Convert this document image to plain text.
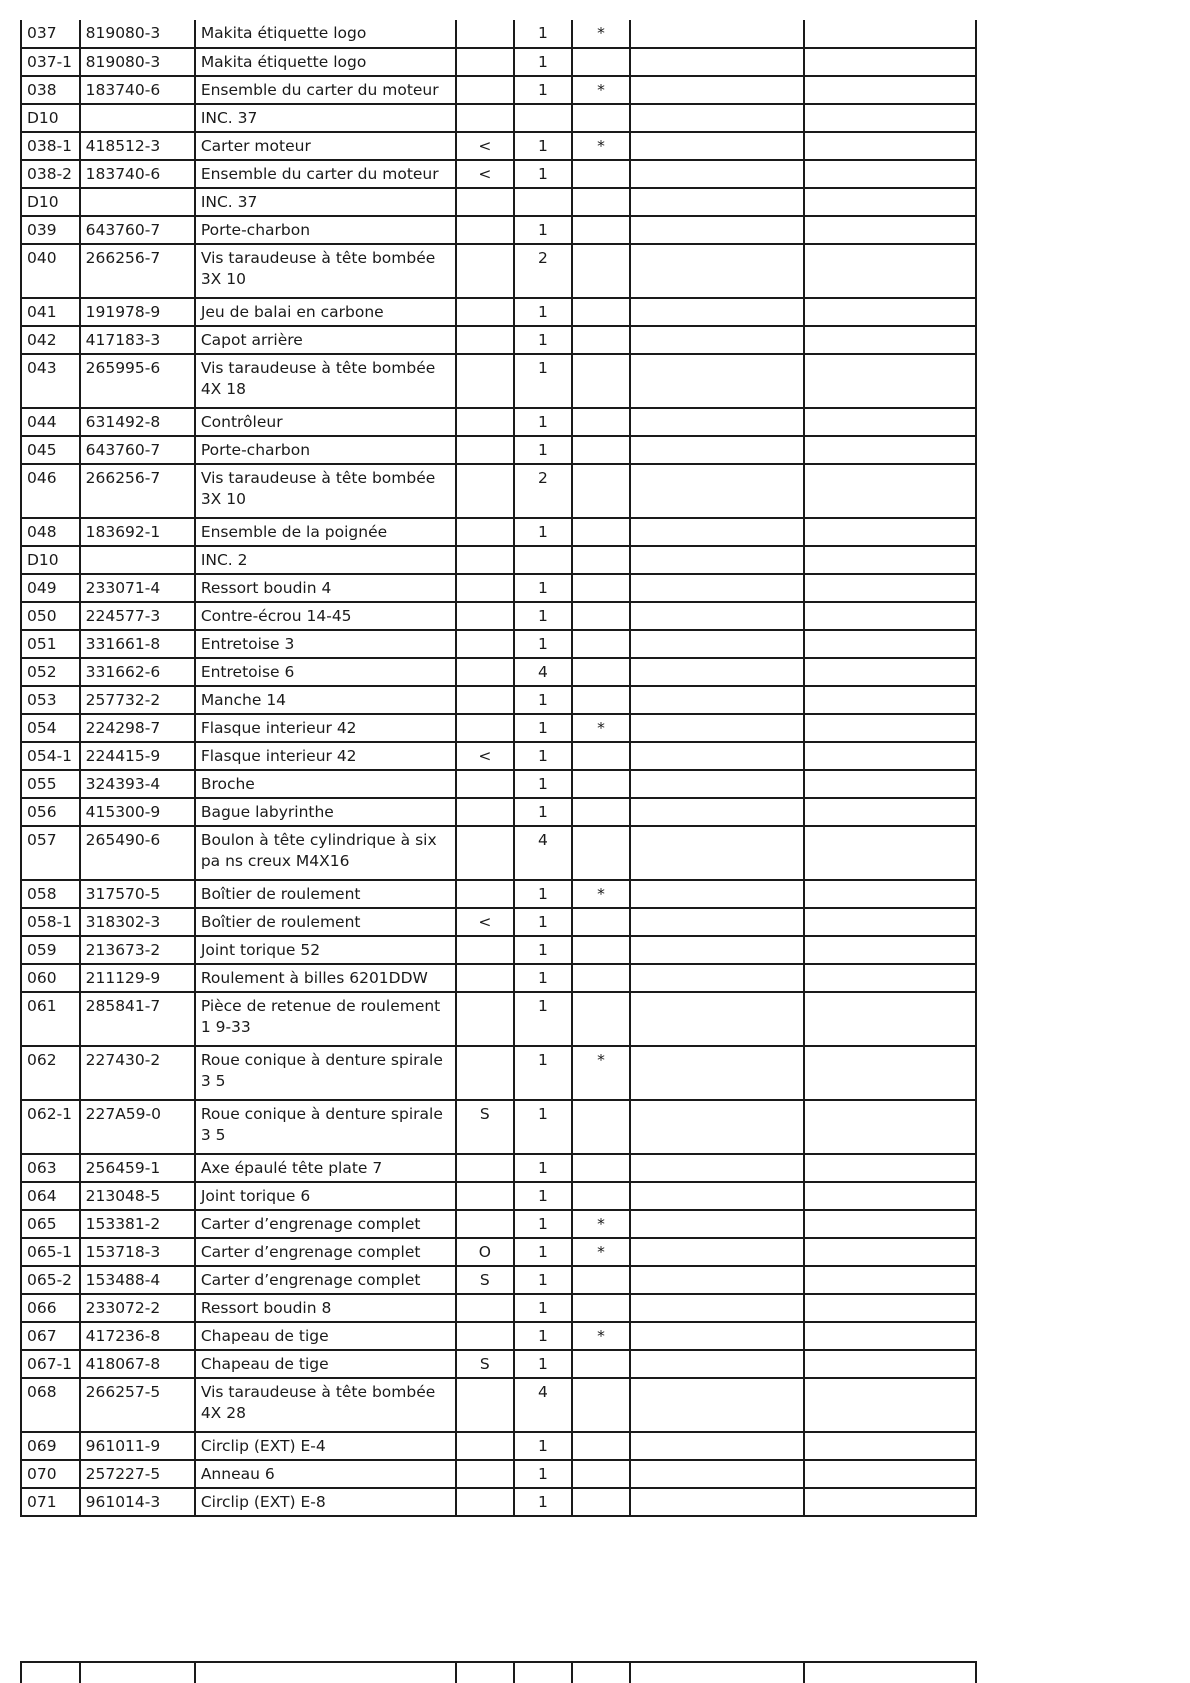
037	819080-3	Makita étiquette logo		1	*		
037-1	819080-3	Makita étiquette logo		1			
038	183740-6	Ensemble du carter du moteur		1	*		
D10		INC. 37					
038-1	418512-3	Carter moteur	<	1	*		
038-2	183740-6	Ensemble du carter du moteur	<	1			
D10		INC. 37					
039	643760-7	Porte-charbon		1			
040	266256-7	Vis taraudeuse à tête bombée 3X 10		2			
041	191978-9	Jeu de balai en carbone		1			
042	417183-3	Capot arrière		1			
043	265995-6	Vis taraudeuse à tête bombée 4X 18		1			
044	631492-8	Contrôleur		1			
045	643760-7	Porte-charbon		1			
046	266256-7	Vis taraudeuse à tête bombée 3X 10		2			
048	183692-1	Ensemble de la poignée		1			
D10		INC. 2					
049	233071-4	Ressort boudin 4		1			
050	224577-3	Contre-écrou 14-45		1			
051	331661-8	Entretoise 3		1			
052	331662-6	Entretoise 6		4			
053	257732-2	Manche 14		1			
054	224298-7	Flasque interieur 42		1	*		
054-1	224415-9	Flasque interieur 42	<	1			
055	324393-4	Broche		1			
056	415300-9	Bague labyrinthe		1			
057	265490-6	Boulon à tête cylindrique à six pa ns creux M4X16		4			
058	317570-5	Boîtier de roulement		1	*		
058-1	318302-3	Boîtier de roulement	<	1			
059	213673-2	Joint torique 52		1			
060	211129-9	Roulement à billes 6201DDW		1			
061	285841-7	Pièce de retenue de roulement 1 9-33		1			
062	227430-2	Roue conique à denture spirale 3 5		1	*		
062-1	227A59-0	Roue conique à denture spirale 3 5	S	1			
063	256459-1	Axe épaulé tête plate 7		1			
064	213048-5	Joint torique 6		1			
065	153381-2	Carter d’engrenage complet		1	*		
065-1	153718-3	Carter d’engrenage complet	O	1	*		
065-2	153488-4	Carter d’engrenage complet	S	1			
066	233072-2	Ressort boudin 8		1			
067	417236-8	Chapeau de tige		1	*		
067-1	418067-8	Chapeau de tige	S	1			
068	266257-5	Vis taraudeuse à tête bombée 4X 28		4			
069	961011-9	Circlip (EXT) E-4		1			
070	257227-5	Anneau 6		1			
071	961014-3	Circlip (EXT) E-8		1			
